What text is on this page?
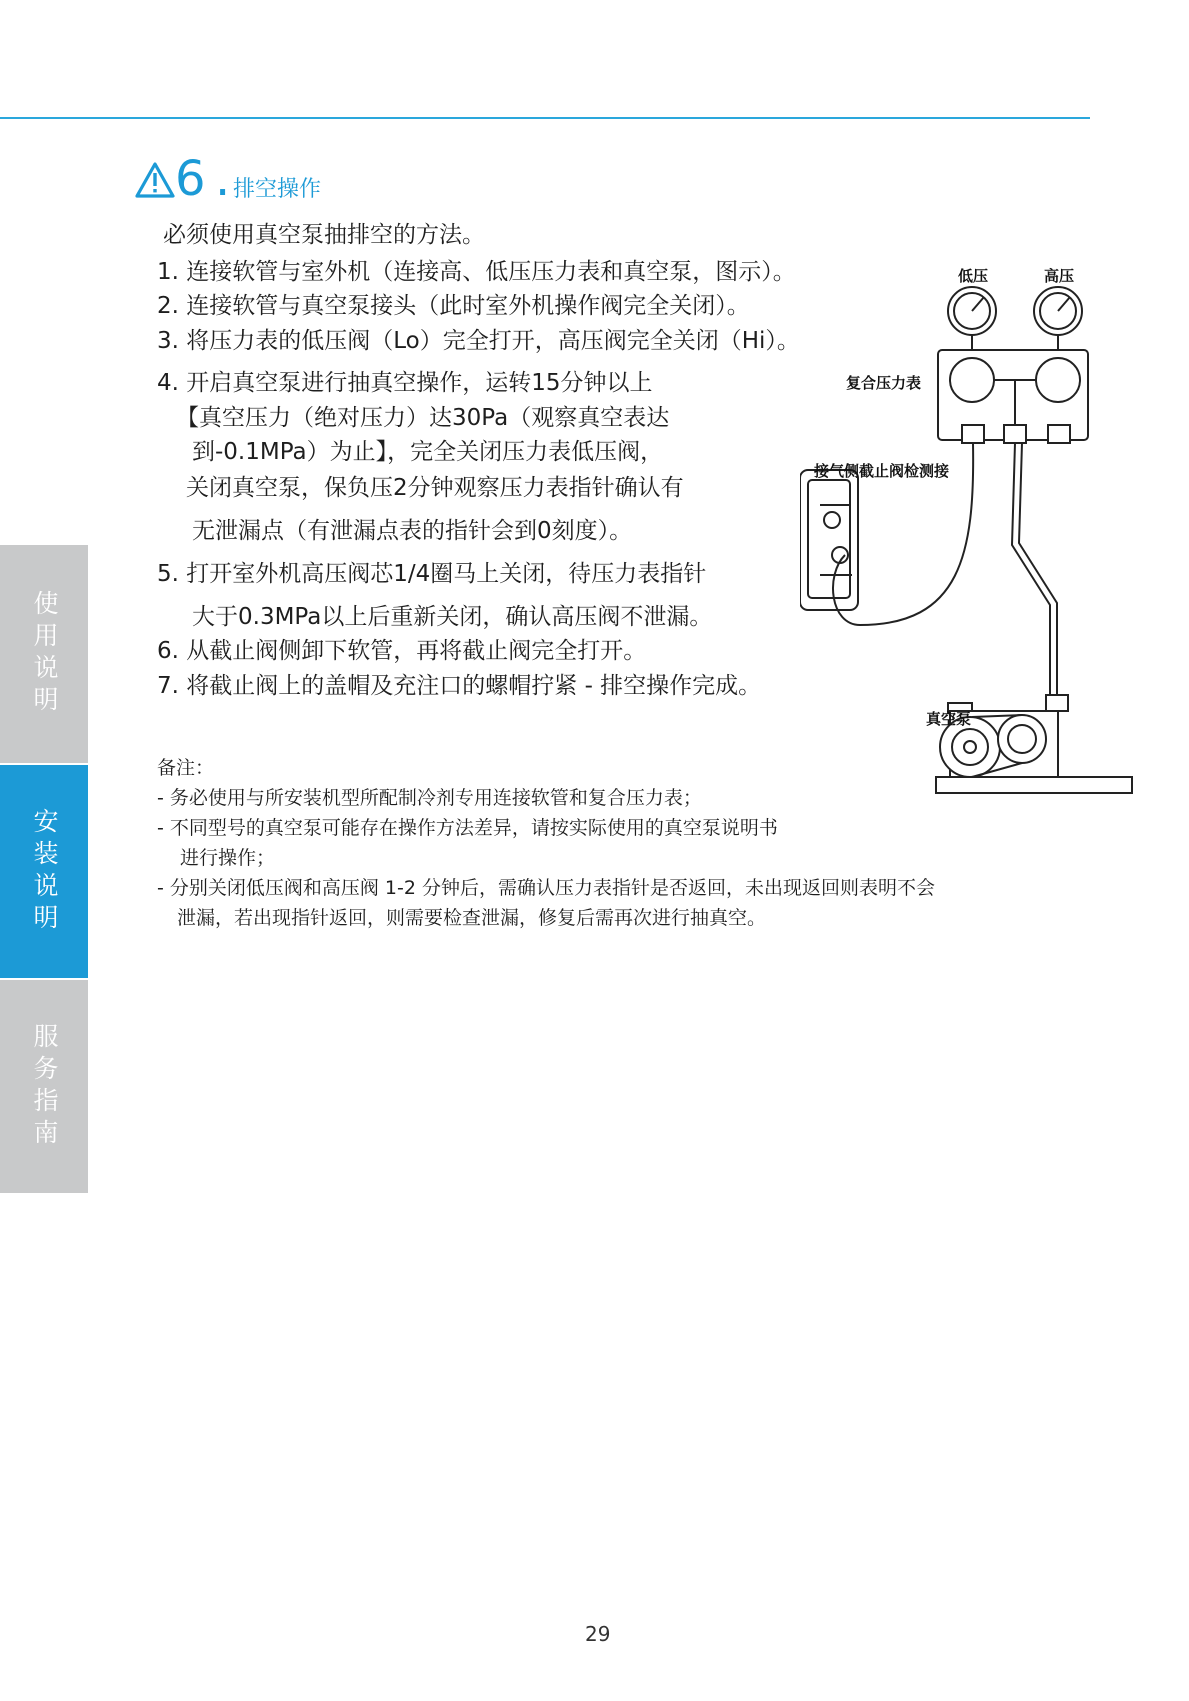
6 . 排空操作
必须使用真空泵抽排空的方法。
1. 连接软管与室外机（连接高、低压压力表和真空泵，图示）。
2. 连接软管与真空泵接头（此时室外机操作阀完全关闭）。
3. 将压力表的低压阀（Lo）完全打开，高压阀完全关闭（Hi）。
4. 开启真空泵进行抽真空操作，运转15分钟以上
【真空压力（绝对压力）达30Pa（观察真空表达
到-0.1MPa）为止】，完全关闭压力表低压阀，
关闭真空泵，保负压2分钟观察压力表指针确认有
无泄漏点（有泄漏点表的指针会到0刻度）。
5. 打开室外机高压阀芯1/4圈马上关闭，待压力表指针
大于0.3MPa以上后重新关闭，确认高压阀不泄漏。
6. 从截止阀侧卸下软管，再将截止阀完全打开。
7. 将截止阀上的盖帽及充注口的螺帽拧紧 - 排空操作完成。
备注：
- 务必使用与所安装机型所配制冷剂专用连接软管和复合压力表；
- 不同型号的真空泵可能存在操作方法差异，请按实际使用的真空泵说明书
进行操作；
- 分别关闭低压阀和高压阀 1-2 分钟后，需确认压力表指针是否返回，未出现返回则表明不会
泄漏，若出现指针返回，则需要检查泄漏，修复后需再次进行抽真空。
低压	高压
复合压力表
接气侧截止阀检测接
真空泵
使用说明
安装说明
服务指南
29
